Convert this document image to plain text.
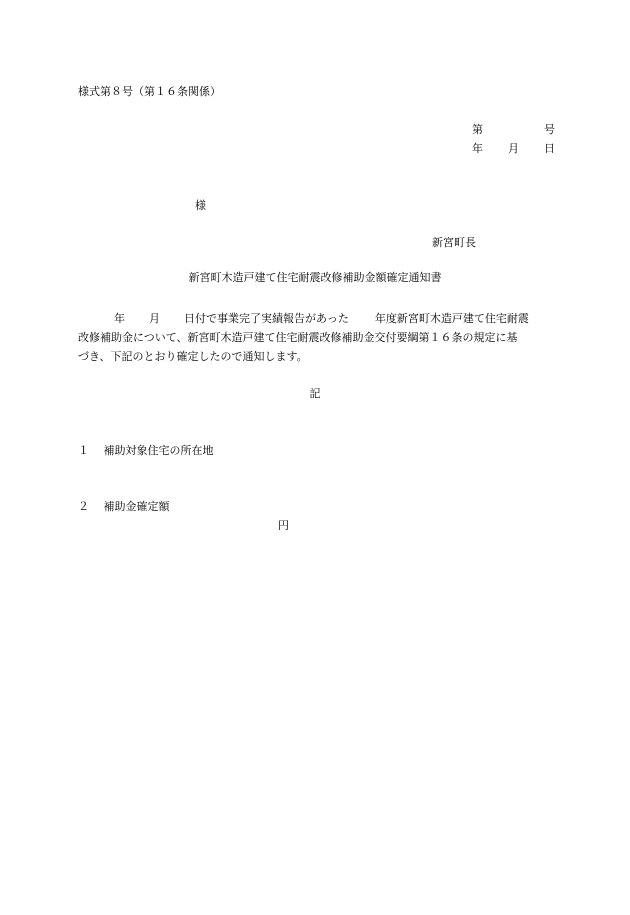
様式第８号（第１６条関係）
第	号
年 月 日
様
新宮町長
新宮町木造戸建て住宅耐震改修補助金額確定通知書
年 月 日付で事業完了実績報告があった 年度新宮町木造戸建て住宅耐震
改修補助金について、新宮町木造戸建て住宅耐震改修補助金交付要綱第１６条の規定に基
づき、下記のとおり確定したので通知します。
記
１ 補助対象住宅の所在地
２ 補助金確定額
円
